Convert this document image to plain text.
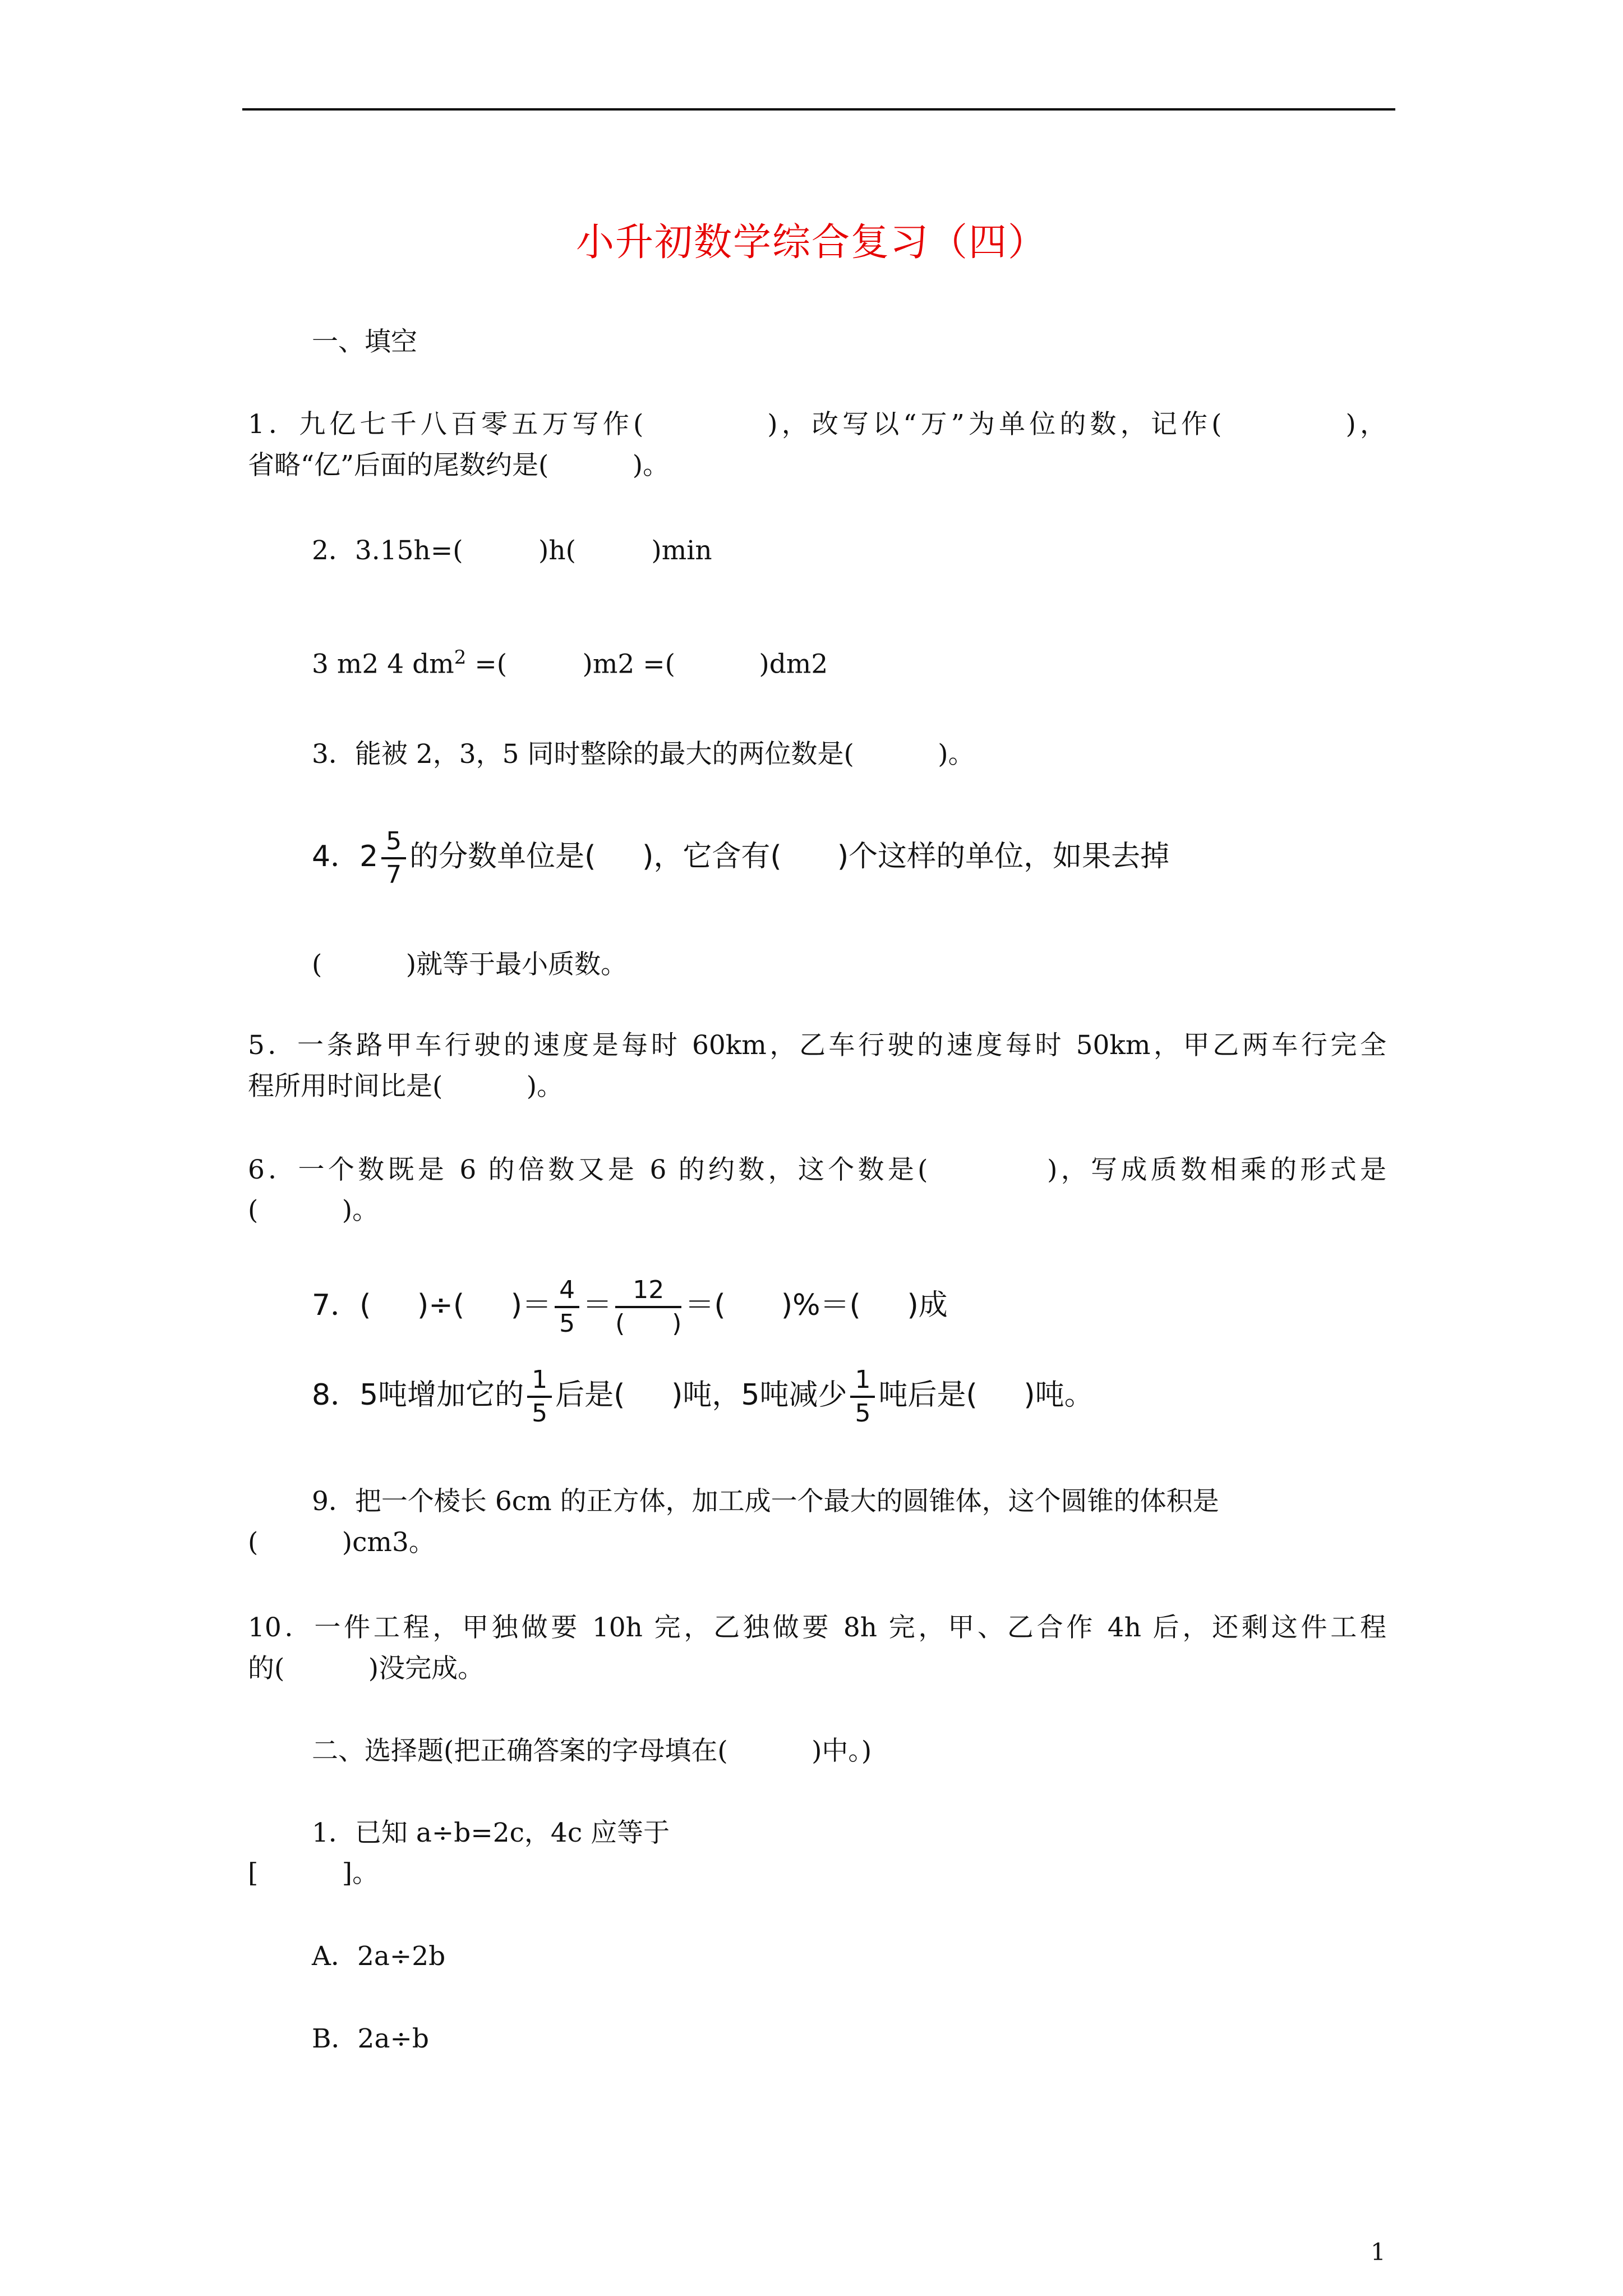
小升初数学综合复习（四）
一、填空
1．九亿七千八百零五万写作(          )，改写以“万”为单位的数，记作(          )，
省略“亿”后面的尾数约是(          )。
2．3.15h=(         )h(         )min
3 m2 4 $dm^2$ =(         )m2 =(          )dm2
3．能被 2，3，5 同时整除的最大的两位数是(          )。
4．$2 \frac{5}{7}$ 的分数单位是(     )，它含有(      )个这样的单位，如果去掉
(          )就等于最小质数。
5．一条路甲车行驶的速度是每时 60km，乙车行驶的速度每时 50km，甲乙两车行完全
程所用时间比是(          )。
6．一个数既是 6 的倍数又是 6 的约数，这个数是(          )，写成质数相乘的形式是
(          )。
7．(     )÷(     )＝ $\frac{4}{5} = \frac{12}{( )}$ ＝(      )%＝(     )成
8．5吨增加它的 $\frac{1}{5}$ 后是(     )吨，5吨减少 $\frac{1}{5}$ 吨后是(     )吨。
9．把一个棱长 6cm 的正方体，加工成一个最大的圆锥体，这个圆锥的体积是
(          )cm3。
10．一件工程，甲独做要 10h 完，乙独做要 8h 完，甲、乙合作 4h 后，还剩这件工程
的(          )没完成。
二、选择题(把正确答案的字母填在(          )中。)
1．已知 a÷b=2c，4c 应等于
[          ]。
A．2a÷2b
B．2a÷b
1
